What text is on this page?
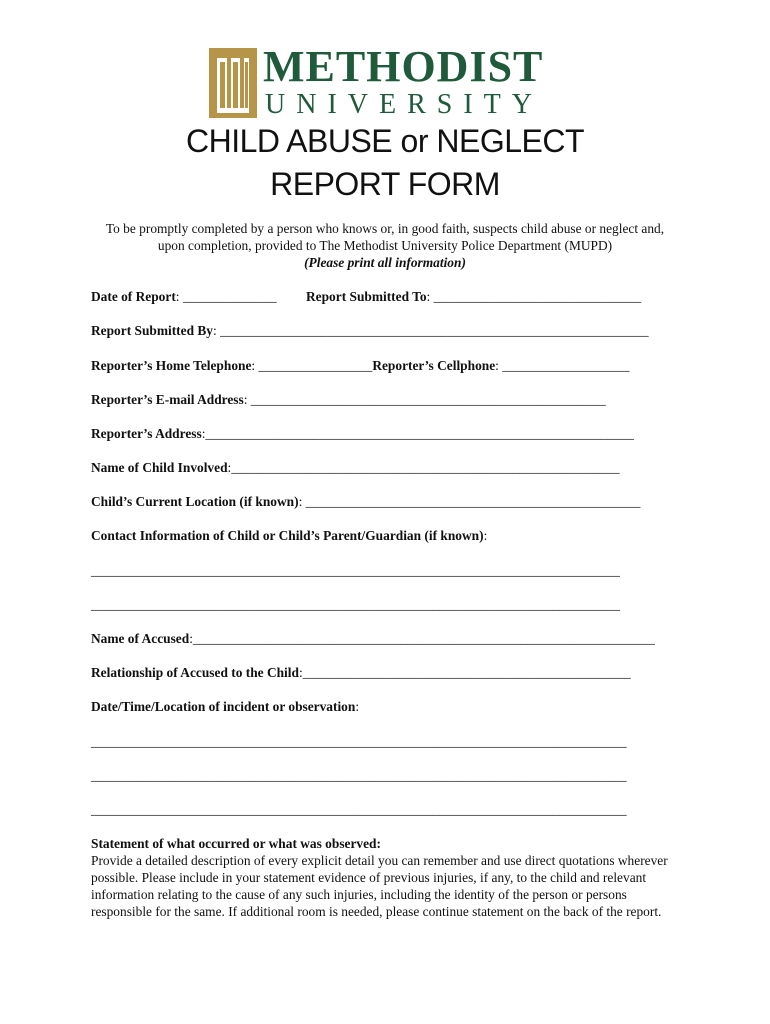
METHODIST
UNIVERSITY
CHILD ABUSE or NEGLECT
REPORT FORM
To be promptly completed by a person who knows or, in good faith, suspects child abuse or neglect and,
upon completion, provided to The Methodist University Police Department (MUPD)
(Please print all information)
Date of Report: ______________ Report Submitted To: _______________________________
Report Submitted By: ________________________________________________________________
Reporter’s Home Telephone: _________________Reporter’s Cellphone: ___________________
Reporter’s E-mail Address: _____________________________________________________
Reporter’s Address:________________________________________________________________
Name of Child Involved:__________________________________________________________
Child’s Current Location (if known): __________________________________________________
Contact Information of Child or Child’s Parent/Guardian (if known):
_______________________________________________________________________________
_______________________________________________________________________________
Name of Accused:_____________________________________________________________________
Relationship of Accused to the Child:_________________________________________________
Date/Time/Location of incident or observation:
________________________________________________________________________________
________________________________________________________________________________
________________________________________________________________________________
Statement of what occurred or what was observed:
Provide a detailed description of every explicit detail you can remember and use direct quotations wherever possible. Please include in your statement evidence of previous injuries, if any, to the child and relevant information relating to the cause of any such injuries, including the identity of the person or persons responsible for the same. If additional room is needed, please continue statement on the back of the report.
